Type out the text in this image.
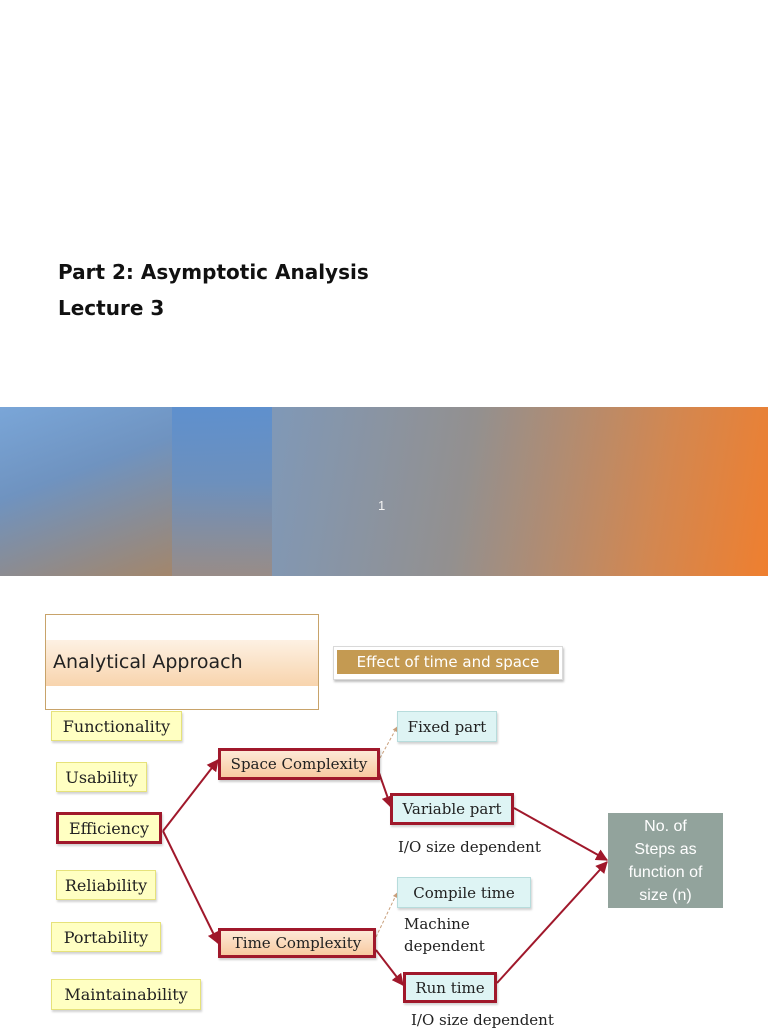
Part 2: Asymptotic Analysis
Lecture 3
1
Analytical Approach	Effect of time and space
Functionality
Usability
Efficiency
Reliability
Portability
Maintainability
Space Complexity
Time Complexity
Fixed part
Variable part
I/O size dependent
Compile time
Machine
dependent
Run time
I/O size dependent
No. of
Steps as
function of
size (n)
